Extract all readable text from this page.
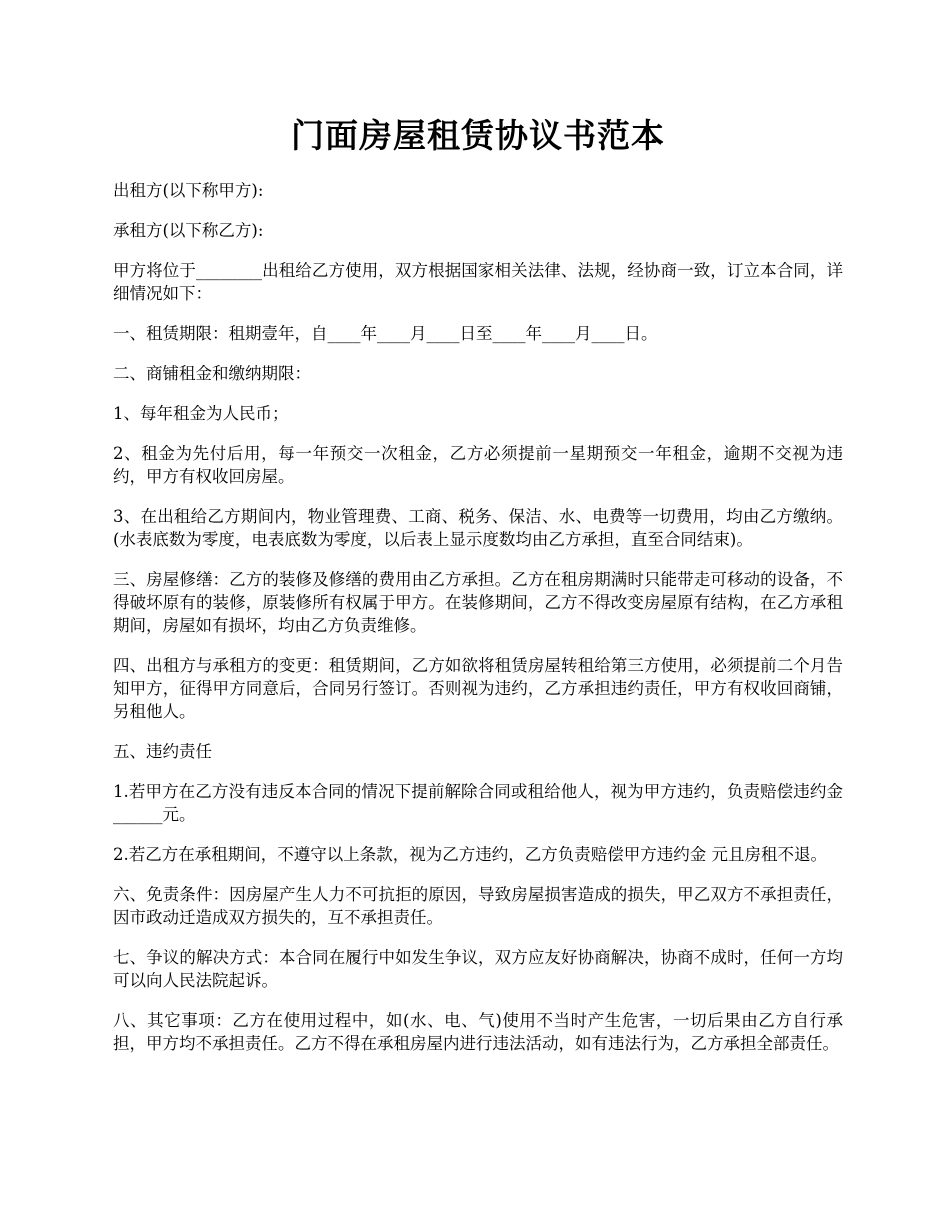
门面房屋租赁协议书范本

出租方(以下称甲方):

承租方(以下称乙方):

甲方将位于________出租给乙方使用，双方根据国家相关法律、法规，经协商一致，订立本合同，详细情况如下：

一、租赁期限：租期壹年，自____年____月____日至____年____月____日。

二、商铺租金和缴纳期限：

1、每年租金为人民币；

2、租金为先付后用，每一年预交一次租金，乙方必须提前一星期预交一年租金，逾期不交视为违约，甲方有权收回房屋。

3、在出租给乙方期间内，物业管理费、工商、税务、保洁、水、电费等一切费用，均由乙方缴纳。(水表底数为零度，电表底数为零度，以后表上显示度数均由乙方承担，直至合同结束)。

三、房屋修缮：乙方的装修及修缮的费用由乙方承担。乙方在租房期满时只能带走可移动的设备，不得破坏原有的装修，原装修所有权属于甲方。在装修期间，乙方不得改变房屋原有结构，在乙方承租期间，房屋如有损坏，均由乙方负责维修。

四、出租方与承租方的变更：租赁期间，乙方如欲将租赁房屋转租给第三方使用，必须提前二个月告知甲方，征得甲方同意后，合同另行签订。否则视为违约，乙方承担违约责任，甲方有权收回商铺，另租他人。

五、违约责任

1.若甲方在乙方没有违反本合同的情况下提前解除合同或租给他人，视为甲方违约，负责赔偿违约金______元。

2.若乙方在承租期间，不遵守以上条款，视为乙方违约，乙方负责赔偿甲方违约金 元且房租不退。

六、免责条件：因房屋产生人力不可抗拒的原因，导致房屋损害造成的损失，甲乙双方不承担责任，因市政动迁造成双方损失的，互不承担责任。

七、争议的解决方式：本合同在履行中如发生争议，双方应友好协商解决，协商不成时，任何一方均可以向人民法院起诉。

八、其它事项：乙方在使用过程中，如(水、电、气)使用不当时产生危害，一切后果由乙方自行承担，甲方均不承担责任。乙方不得在承租房屋内进行违法活动，如有违法行为，乙方承担全部责任。
